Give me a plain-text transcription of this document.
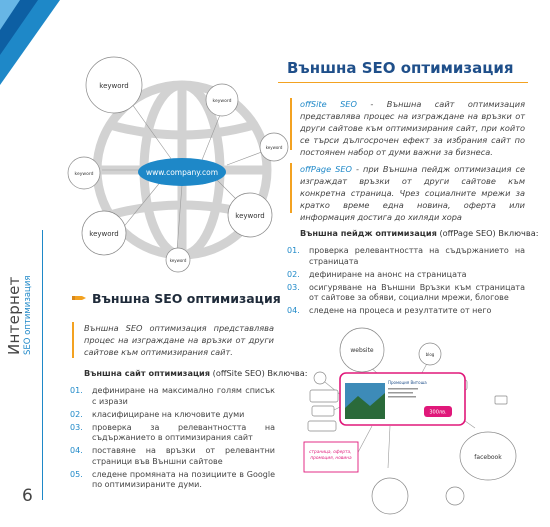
Интернет SEO оптимизация
6
www.company.com
keyword
keyword
keyword
keyword
keyword
keyword
keyword
Външна SEO оптимизация
offSite SEO - Външна сайт оптимизация представлява процес на изграждане на връзки от други сайтове към оптимизирания сайт, при който се търси дългосрочен ефект за избрания сайт по постоянен набор от думи важни за бизнеса.
offPage SEO - при Външна пейдж оптимизация се изграждат връзки от други сайтове към конкретна страница. Чрез социалните мрежи за кратко време една новина, оферта или информация достига до хиляди хора
Външна пейдж оптимизация (offPage SEO) Включва:
01. проверка релевантността на съдържанието на страницата
02. дефиниране на анонс на страницата
03. осигуряване на Външни Връзки към страницата от сайтове за обяви, социални мрежи, блогове
04. следене на процеса и резултатите от него
Външна SEO оптимизация
Външна SEO оптимизация представлява процес на изграждане на връзки от други сайтове към оптимизирания сайт.
Външна сайт оптимизация (offSite SEO) Включва:
01. дефиниране на максимално голям списък с изрази
02. класифициране на ключовите думи
03. проверка за релевантността на съдържанието в оптимизирания сайт
04. поставяне на връзки от релевантни страници във Външни сайтове
05. следене промяната на позициите в Google по оптимизираните думи.
website
blog
facebook
Промоция Витоша
300лв.
страница, оферта, промоция, новина
